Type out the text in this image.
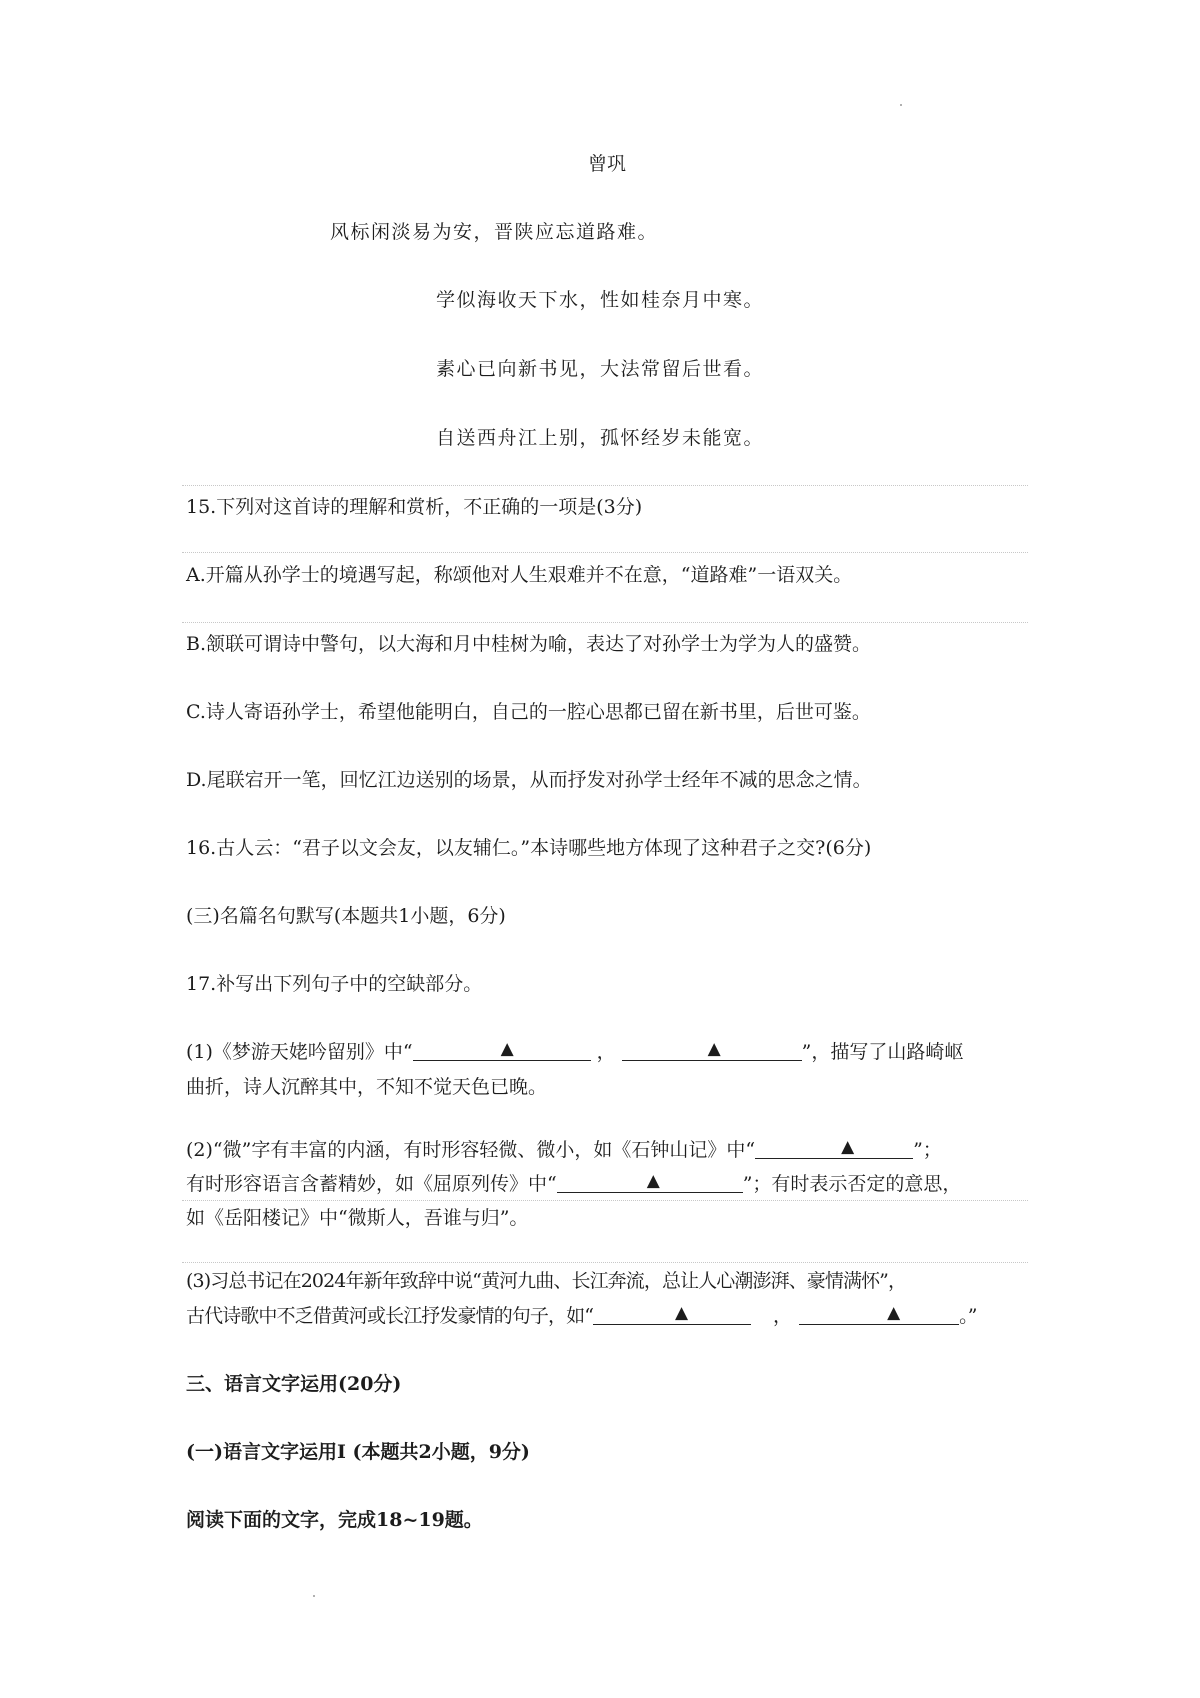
曾巩
风标闲淡易为安，晋陕应忘道路难。
学似海收天下水，性如桂奈月中寒。
素心已向新书见，大法常留后世看。
自送西舟江上别，孤怀经岁未能宽。
15.下列对这首诗的理解和赏析，不正确的一项是(3分)
A.开篇从孙学士的境遇写起，称颂他对人生艰难并不在意，“道路难”一语双关。
B.颔联可谓诗中警句，以大海和月中桂树为喻，表达了对孙学士为学为人的盛赞。
C.诗人寄语孙学士，希望他能明白，自己的一腔心思都已留在新书里，后世可鉴。
D.尾联宕开一笔，回忆江边送别的场景，从而抒发对孙学士经年不减的思念之情。
16.古人云：“君子以文会友，以友辅仁。”本诗哪些地方体现了这种君子之交?(6分)
(三)名篇名句默写(本题共1小题，6分)
17.补写出下列句子中的空缺部分。
(1)《梦游天姥吟留别》中“	▲	，	▲	”，描写了山路崎岖
曲折，诗人沉醉其中，不知不觉天色已晚。
(2)“微”字有丰富的内涵，有时形容轻微、微小，如《石钟山记》中“	▲	”；
有时形容语言含蓄精妙，如《屈原列传》中“	▲	”；有时表示否定的意思，
如《岳阳楼记》中“微斯人，吾谁与归”。
(3)习总书记在2024年新年致辞中说“黄河九曲、长江奔流，总让人心潮澎湃、豪情满怀”，
古代诗歌中不乏借黄河或长江抒发豪情的句子，如“	▲	，	▲	。”
三、语言文字运用(20分)
(一)语言文字运用Ⅰ (本题共2小题，9分)
阅读下面的文字，完成18~19题。
